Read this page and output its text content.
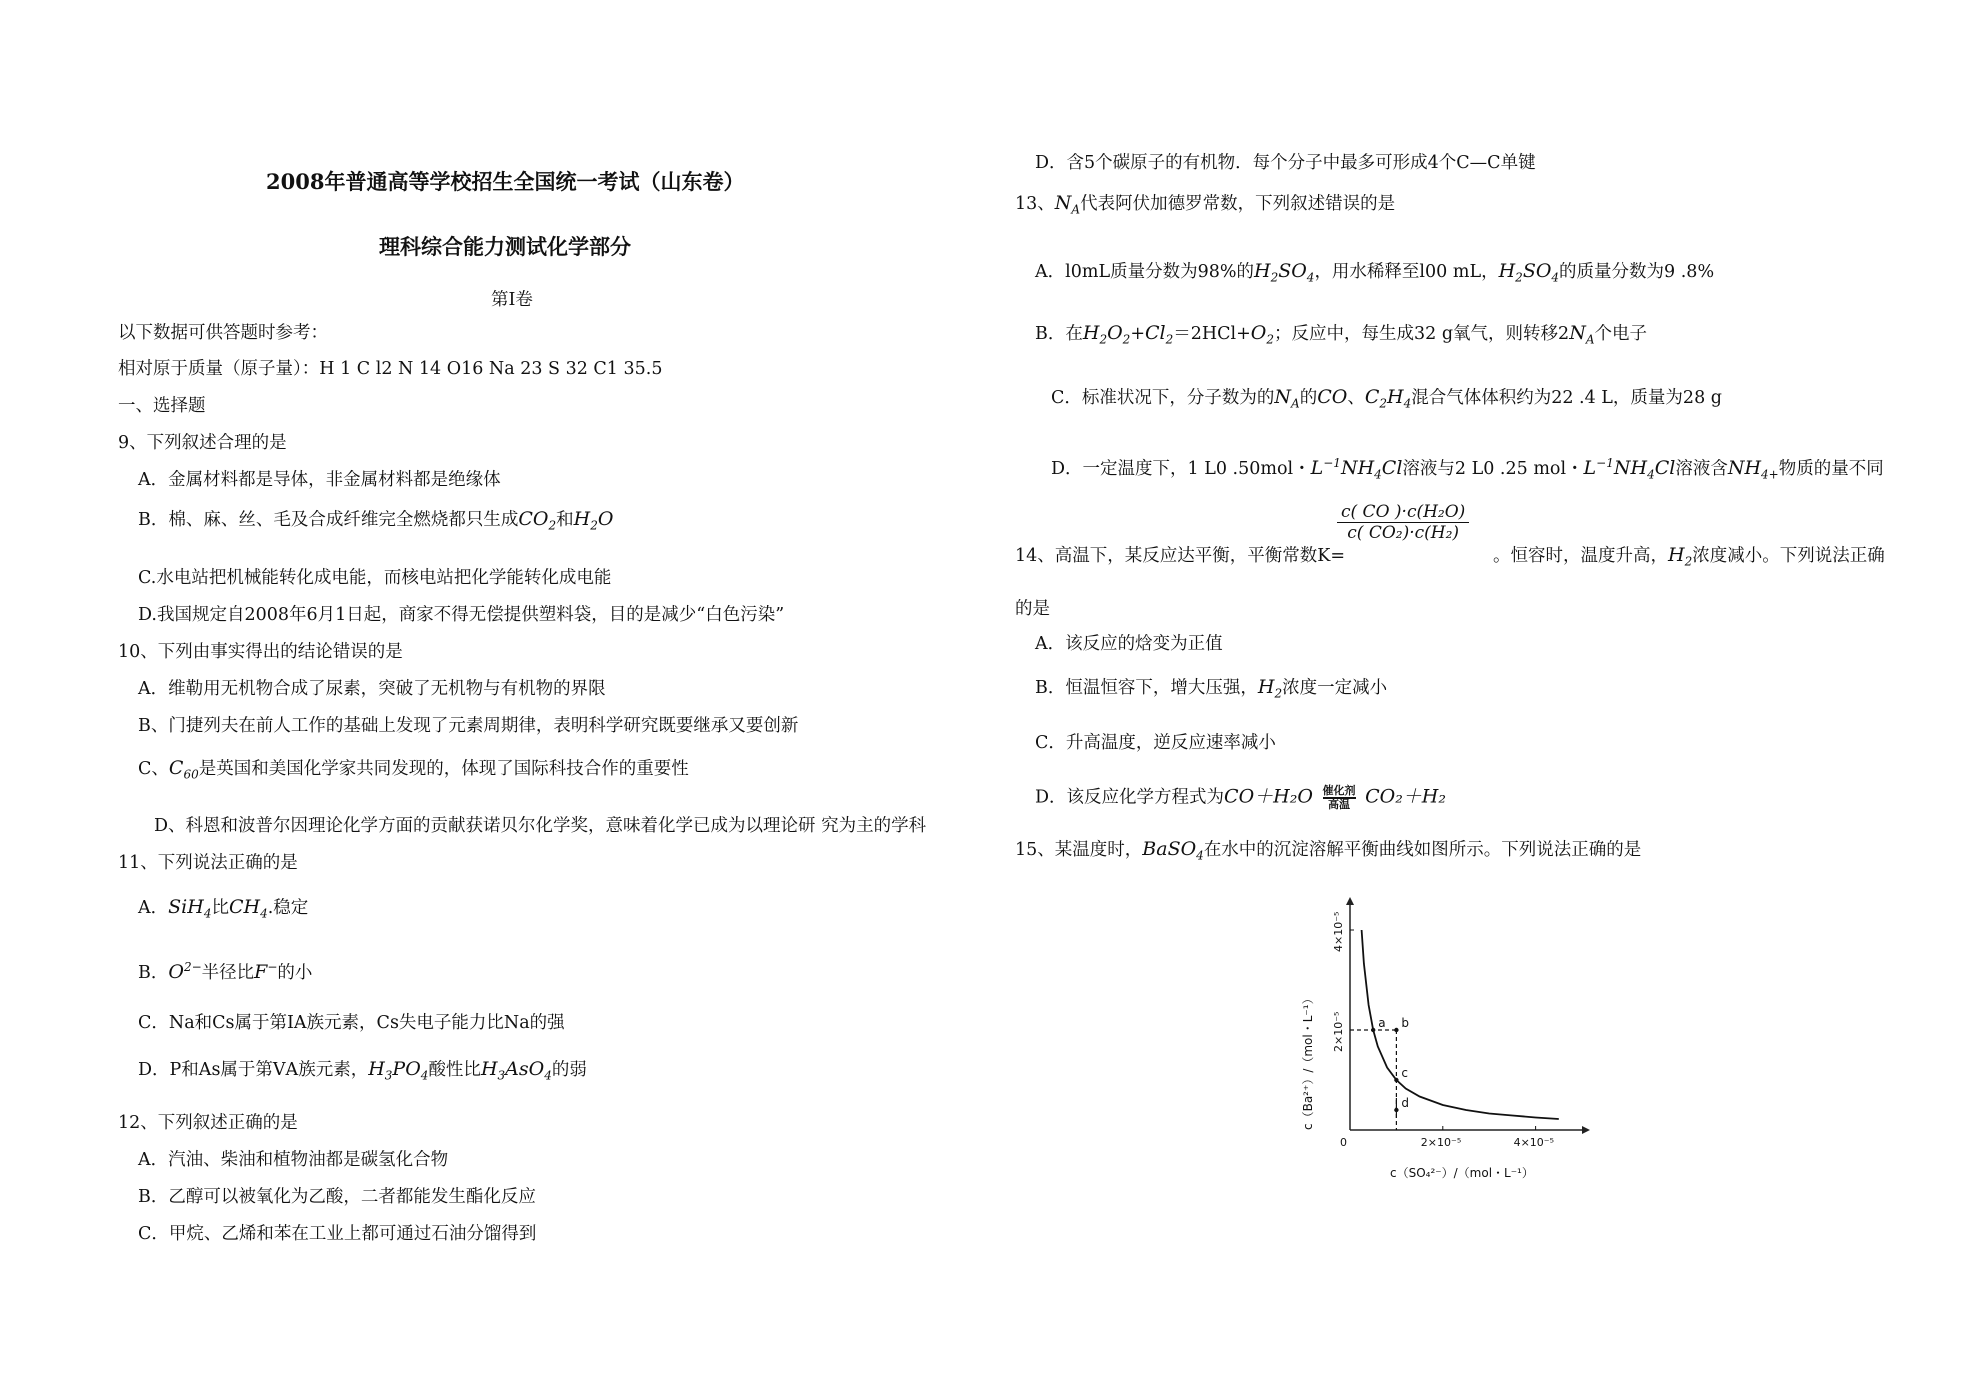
2008年普通高等学校招生全国统一考试（山东卷）
理科综合能力测试化学部分
第Ⅰ卷
以下数据可供答题时参考：
相对原于质量（原子量）：H 1 C l2 N 14 O16 Na 23 S 32 C1 35.5
一、选择题
9、下列叙述合理的是
A．金属材料都是导体，非金属材料都是绝缘体
B．棉、麻、丝、毛及合成纤维完全燃烧都只生成$CO_2$和$H_2O$
C.水电站把机械能转化成电能，而核电站把化学能转化成电能
D.我国规定自2008年6月1日起，商家不得无偿提供塑料袋，目的是减少“白色污染”
10、下列由事实得出的结论错误的是
A．维勒用无机物合成了尿素，突破了无机物与有机物的界限
B、门捷列夫在前人工作的基础上发现了元素周期律，表明科学研究既要继承又要创新
C、$C_{60}$是英国和美国化学家共同发现的，体现了国际科技合作的重要性
D、科恩和波普尔因理论化学方面的贡献获诺贝尔化学奖，意味着化学已成为以理论研 究为主的学科
11、下列说法正确的是
A．SiH$_4$比$CH_4$.稳定
B．$O^{2-}$半径比F−的小
C．Na和Cs属于第ⅠA族元素，Cs失电子能力比Na的强
D．P和As属于第ⅤA族元素，$H_3PO_4$酸性比$H_3AsO_4$的弱
12、下列叙述正确的是
A．汽油、柴油和植物油都是碳氢化合物
B．乙醇可以被氧化为乙酸，二者都能发生酯化反应
C．甲烷、乙烯和苯在工业上都可通过石油分馏得到
D．含5个碳原子的有机物．每个分子中最多可形成4个C—C单键
13、$N_A$代表阿伏加德罗常数，下列叙述错误的是
A．l0mL质量分数为98%的$H_2SO_4$，用水稀释至l00 mL，$H_2SO_4$的质量分数为9 .8%
B．在$H_2O_2+Cl_2=2HCl+O_2$；反应中，每生成32 g氧气，则转移$2N_A$个电子
C．标准状况下，分子数为的$N_A$的CO、$C_2H_4$混合气体体积约为22 .4 L，质量为28 g
D．一定温度下，1 L0 .50mol・$L^{-1}NH_4Cl$溶液与2 L0 .25 mol・$L^{-1}NH_4Cl$溶液含$NH_{4+}$物质的量不同
$\frac{\text{c( CO )·c(H₂O)}}{\text{c( CO₂)·c(H₂)}}$
14、高温下，某反应达平衡，平衡常数K=	。恒容时，温度升高，$H_2$浓度减小。下列说法正确
的是
A．该反应的焓变为正值
B．恒温恒容下，增大压强，$H_2$浓度一定减小
C．升高温度，逆反应速率减小
D．该反应化学方程式为CO＋H₂O 催化剂
高温 CO₂＋H₂
15、某温度时，BaSO$_4$在水中的沉淀溶解平衡曲线如图所示。下列说法正确的是
a b
c
d
0	2×10⁻⁵	4×10⁻⁵
2×10⁻⁵
4×10⁻⁵
c（SO₄²⁻）/（mol・L⁻¹）
c（Ba²⁺）/（mol・L⁻¹）
